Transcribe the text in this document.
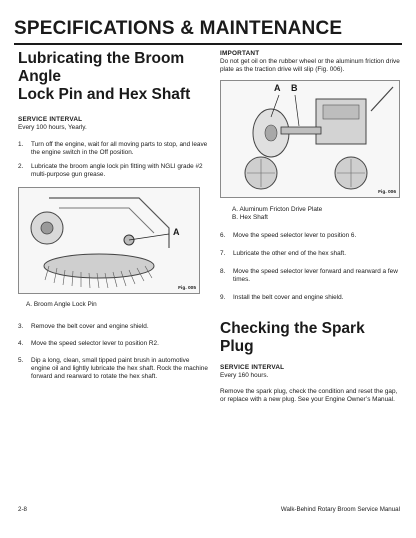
SPECIFICATIONS & MAINTENANCE
Lubricating the Broom Angle
Lock Pin and Hex Shaft
SERVICE INTERVAL
Every 100 hours, Yearly.
1. Turn off the engine, wait for all moving parts to stop, and leave the engine switch in the Off position.
2. Lubricate the broom angle lock pin fitting with NGLI grade #2 multi-purpose gun grease.
A
Fig. 005
A. Broom Angle Lock Pin
3. Remove the belt cover and engine shield.
4. Move the speed selector lever to position R2.
5. Dip a long, clean, small tipped paint brush in automotive engine oil and lightly lubricate the hex shaft. Rock the machine forward and rearward to rotate the hex shaft.
IMPORTANT
Do not get oil on the rubber wheel or the aluminum friction drive plate as the traction drive will slip (Fig. 006).
A B
Fig. 006
A. Aluminum Fricton Drive Plate
B. Hex Shaft
6. Move the speed selector lever to position 6.
7. Lubricate the other end of the hex shaft.
8. Move the speed selector lever forward and rearward a few times.
9. Install the belt cover and engine shield.
Checking the Spark Plug
SERVICE INTERVAL
Every 160 hours.
Remove the spark plug, check the condition and reset the gap, or replace with a new plug. See your Engine Owner’s Manual.
2-8	Walk-Behind Rotary Broom Service Manual
